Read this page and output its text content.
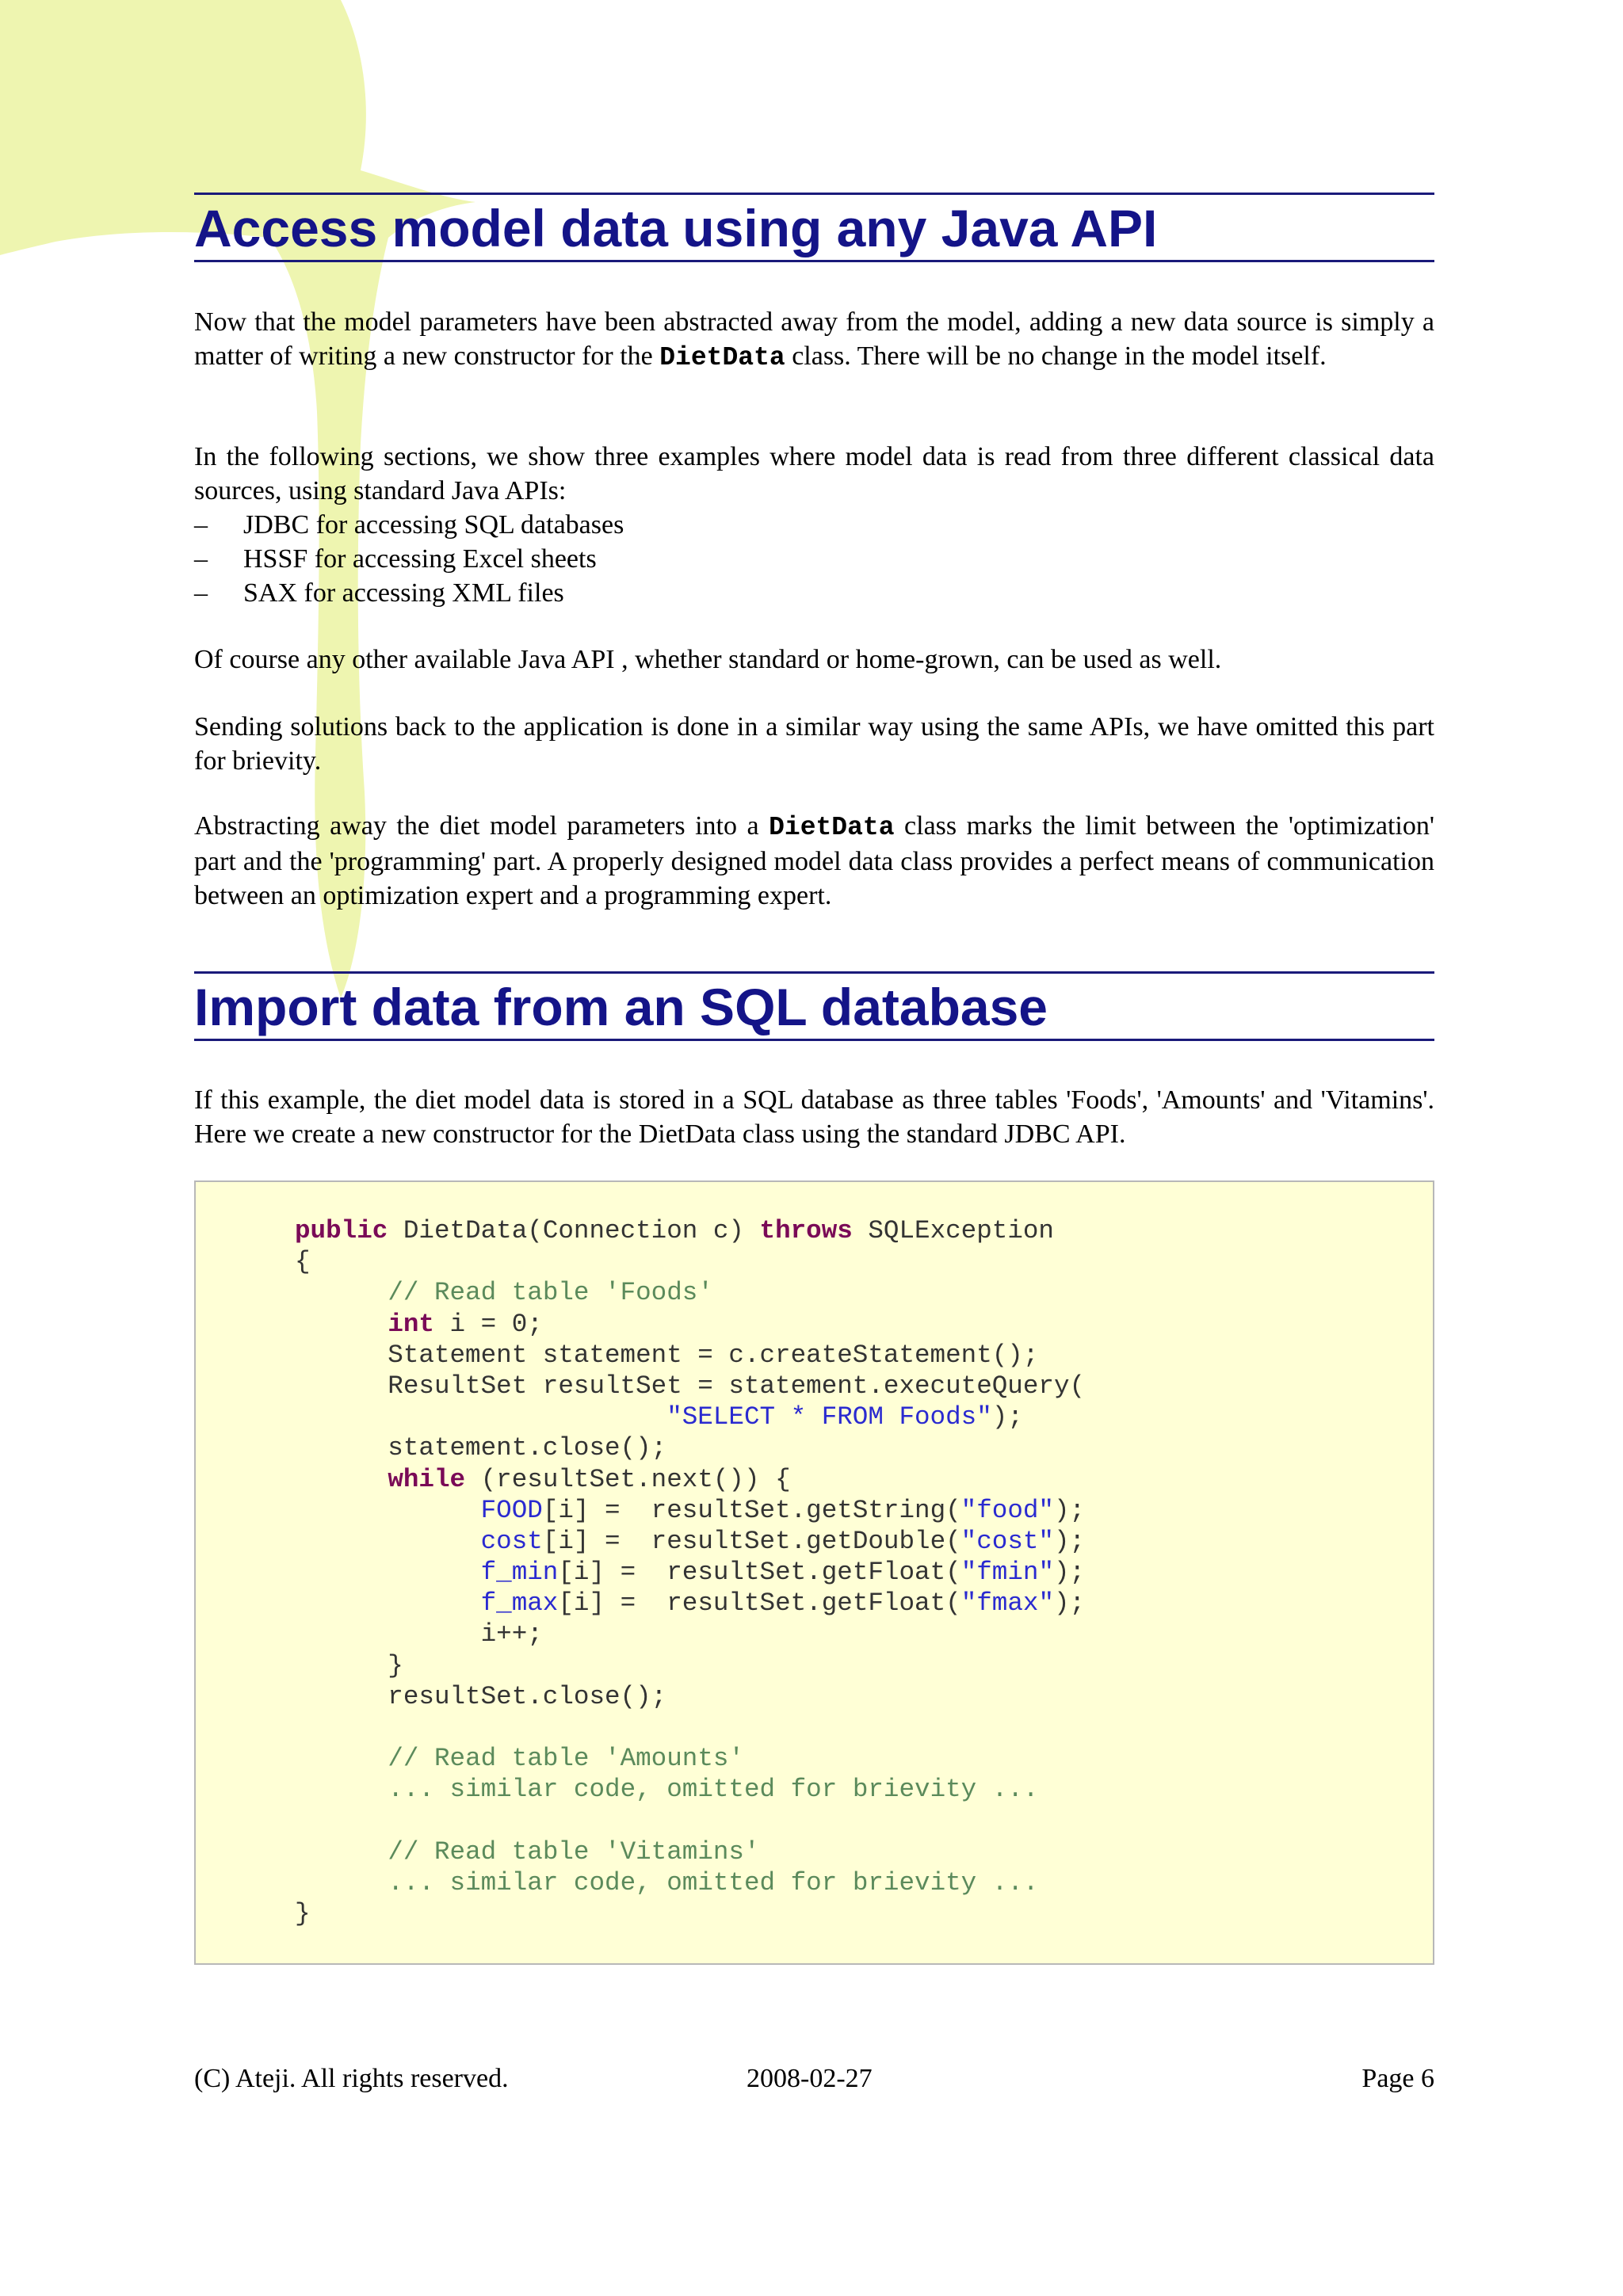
Access model data using any Java API

Now that the model parameters have been abstracted away from the model, adding a new data source is simply a matter of writing a new constructor for the DietData class. There will be no change in the model itself.

In the following sections, we show three examples where model data is read from three different classical data sources, using standard Java APIs:

– JDBC for accessing SQL databases
– HSSF for accessing Excel sheets
– SAX for accessing XML files

Of course any other available Java API , whether standard or home-grown, can be used as well.

Sending solutions back to the application is done in a similar way using the same APIs, we have omitted this part for brievity.

Abstracting away the diet model parameters into a DietData class marks the limit between the 'optimization' part and the 'programming' part. A properly designed model data class provides a perfect means of communication between an optimization expert and a programming expert.

Import data from an SQL database

If this example, the diet model data is stored in a SQL database as three tables 'Foods', 'Amounts' and 'Vitamins'. Here we create a new constructor for the DietData class using the standard JDBC API.

public DietData(Connection c) throws SQLException
{
// Read table 'Foods'
int i = 0;
Statement statement = c.createStatement();
ResultSet resultSet = statement.executeQuery(
"SELECT * FROM Foods");
statement.close();
while (resultSet.next()) {
FOOD[i] =  resultSet.getString("food");
cost[i] =  resultSet.getDouble("cost");
f_min[i] =  resultSet.getFloat("fmin");
f_max[i] =  resultSet.getFloat("fmax");
i++;
}
resultSet.close();
// Read table 'Amounts'
... similar code, omitted for brievity ...
// Read table 'Vitamins'
... similar code, omitted for brievity ...
}
(C) Ateji. All rights reserved.	2008-02-27	Page 6
